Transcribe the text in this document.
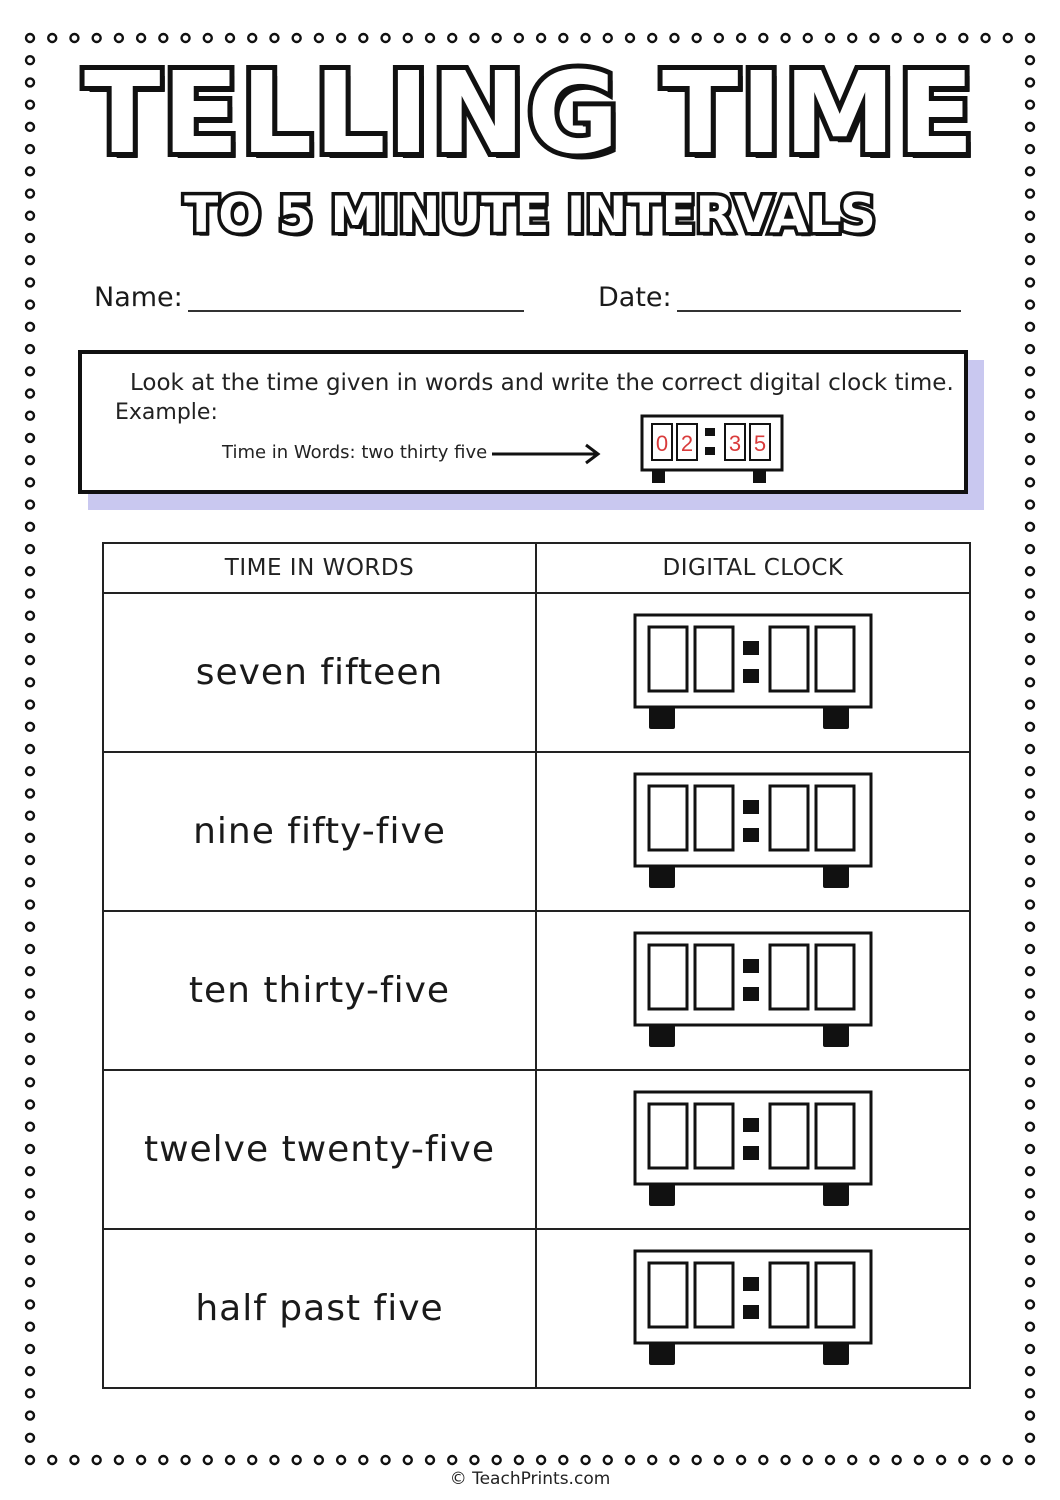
TELLING TIME
TO 5 MINUTE INTERVALS
Name:	Date:
Look at the time given in words and write the correct digital clock time.
Example:
Time in Words: two thirty five	0 2 3 5
TIME IN WORDS	DIGITAL CLOCK
seven fifteen	

nine fifty-five	

ten thirty-five	

twelve twenty-five	

half past five	
© TeachPrints.com
